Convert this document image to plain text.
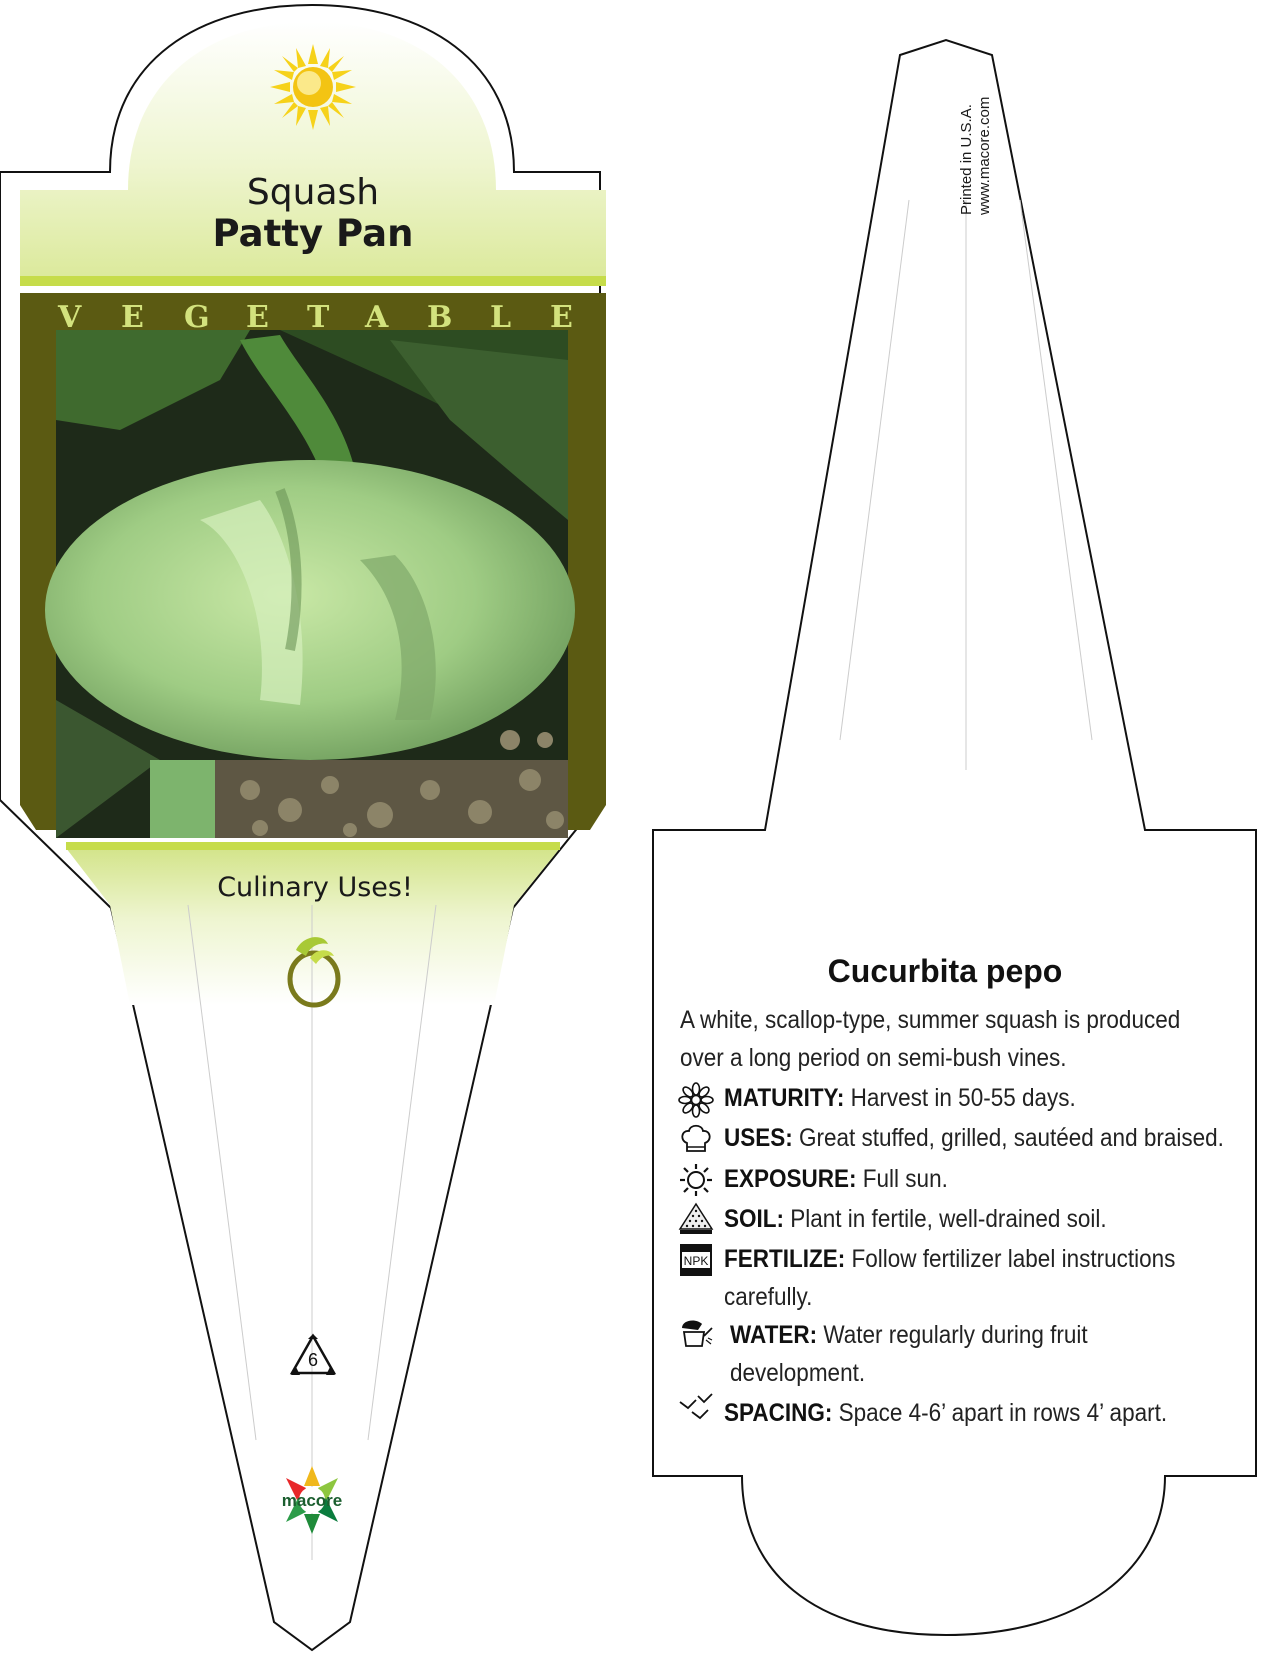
Squash
Patty Pan
V E G E T A B L E
Culinary Uses!
6
macore
Printed in U.S.A. www.macore.com
Cucurbita pepo
A white, scallop-type, summer squash is produced over a long period on semi-bush vines.
NPK
MATURITY: Harvest in 50-55 days.
USES: Great stuffed, grilled, sautéed and braised.
EXPOSURE: Full sun.
SOIL: Plant in fertile, well-drained soil.
FERTILIZE: Follow fertilizer label instructions carefully.
WATER: Water regularly during fruit development.
SPACING: Space 4-6’ apart in rows 4’ apart.
